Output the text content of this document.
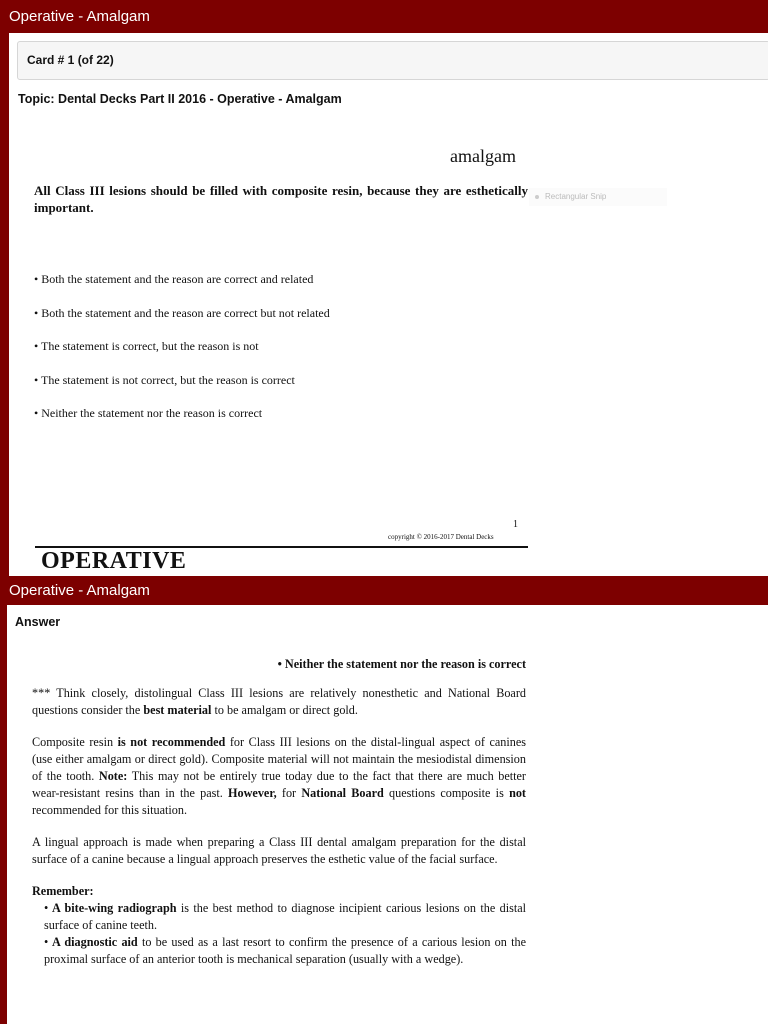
Operative - Amalgam
Card # 1 (of 22)
Topic: Dental Decks Part II 2016 - Operative - Amalgam
amalgam
All Class III lesions should be filled with composite resin, because they are esthetically important.
Rectangular Snip
• Both the statement and the reason are correct and related
• Both the statement and the reason are correct but not related
• The statement is correct, but the reason is not
• The statement is not correct, but the reason is correct
• Neither the statement nor the reason is correct
1
copyright © 2016-2017 Dental Decks
OPERATIVE
Operative - Amalgam
Answer

• Neither the statement nor the reason is correct

*** Think closely, distolingual Class III lesions are relatively nonesthetic and National Board questions consider the best material to be amalgam or direct gold.

Composite resin is not recommended for Class III lesions on the distal-lingual aspect of canines (use either amalgam or direct gold). Composite material will not maintain the mesiodistal dimension of the tooth. Note: This may not be entirely true today due to the fact that there are much better wear-resistant resins than in the past. However, for National Board questions composite is not recommended for this situation.

A lingual approach is made when preparing a Class III dental amalgam preparation for the distal surface of a canine because a lingual approach preserves the esthetic value of the facial surface.

Remember:

• A bite-wing radiograph is the best method to diagnose incipient carious lesions on the distal surface of canine teeth.
• A diagnostic aid to be used as a last resort to confirm the presence of a carious lesion on the proximal surface of an anterior tooth is mechanical separation (usually with a wedge).
